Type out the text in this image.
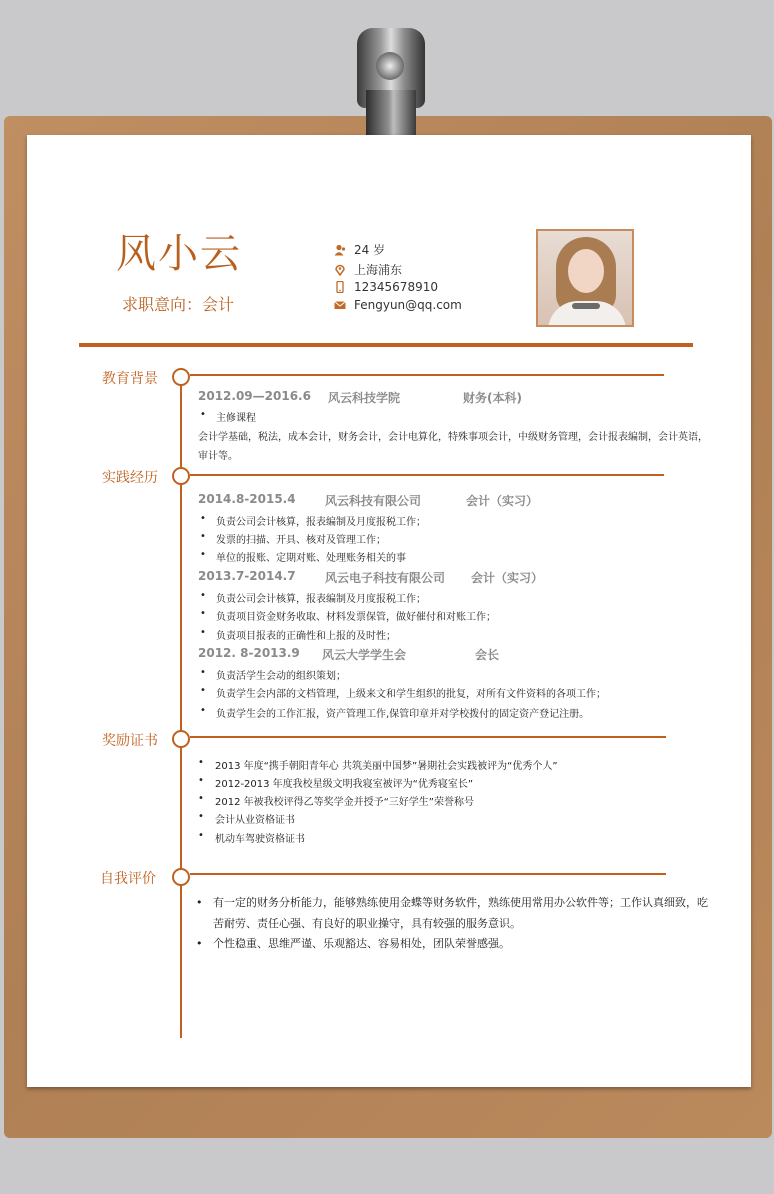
风小云
求职意向：会计
24 岁
上海浦东
12345678910
Fengyun@qq.com
教育背景
2012.09—2016.6 风云科技学院	财务(本科)
• 主修课程
会计学基础，税法，成本会计，财务会计，会计电算化，特殊事项会计，中级财务管理，会计报表编制，会计英语，
审计等。
实践经历
2014.8-2015.4 风云科技有限公司	会计（实习）
• 负责公司会计核算，报表编制及月度报税工作；
• 发票的扫描、开具、核对及管理工作；
• 单位的报账、定期对账、处理账务相关的事
2013.7-2014.7 风云电子科技有限公司 会计（实习）
• 负责公司会计核算，报表编制及月度报税工作；
• 负责项目资金财务收取、材料发票保管，做好催付和对账工作；
• 负责项目报表的正确性和上报的及时性；
2012. 8-2013.9 风云大学学生会	会长
• 负责活学生会动的组织策划；
• 负责学生会内部的文档管理，上级来文和学生组织的批复，对所有文件资料的各项工作；
• 负责学生会的工作汇报，资产管理工作,保管印章并对学校拨付的固定资产登记注册。
奖励证书
• 2013 年度“携手朝阳青年心 共筑美丽中国梦”暑期社会实践被评为“优秀个人”
• 2012-2013 年度我校星级文明我寝室被评为“优秀寝室长”
• 2012 年被我校评得乙等奖学金并授予“三好学生”荣誉称号
• 会计从业资格证书
• 机动车驾驶资格证书
自我评价
• 有一定的财务分析能力，能够熟练使用金蝶等财务软件，熟练使用常用办公软件等；工作认真细致，吃
苦耐劳、责任心强、有良好的职业操守，具有较强的服务意识。
• 个性稳重、思维严谨、乐观豁达、容易相处，团队荣誉感强。
